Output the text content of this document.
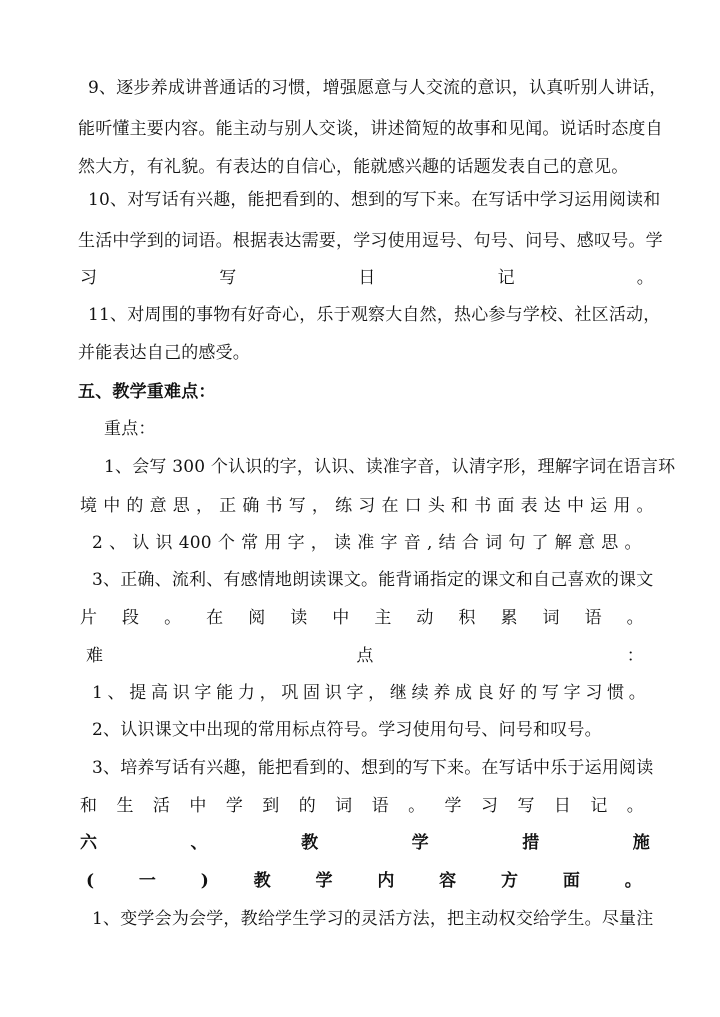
9、逐步养成讲普通话的习惯，增强愿意与人交流的意识，认真听别人讲话，
能听懂主要内容。能主动与别人交谈，讲述简短的故事和见闻。说话时态度自
然大方，有礼貌。有表达的自信心，能就感兴趣的话题发表自己的意见。
10、对写话有兴趣，能把看到的、想到的写下来。在写话中学习运用阅读和
生活中学到的词语。根据表达需要，学习使用逗号、句号、问号、感叹号。学
习	写	日	记	。
11、对周围的事物有好奇心，乐于观察大自然，热心参与学校、社区活动，
并能表达自己的感受。
五、教学重难点：
重点：
1、会写 300 个认识的字，认识、读准字音，认清字形，理解字词在语言环
境 中 的 意 思 ， 正 确 书 写 ， 练 习 在 口 头 和 书 面 表 达 中 运 用 。
2 、 认 识 400 个 常 用 字 ， 读 准 字 音 , 结 合 词 句 了 解 意 思 。
3、正确、流利、有感情地朗读课文。能背诵指定的课文和自己喜欢的课文
片 段 。 在 阅 读 中 主 动 积 累 词 语 。
难	点	：
1 、 提 高 识 字 能 力 ， 巩 固 识 字 ， 继 续 养 成 良 好 的 写 字 习 惯 。
2、认识课文中出现的常用标点符号。学习使用句号、问号和叹号。
3、培养写话有兴趣，能把看到的、想到的写下来。在写话中乐于运用阅读
和 生 活 中 学 到 的 词 语 。 学 习 写 日 记 。
六	、	教	学	措	施
(	一	)	教	学	内	容	方	面	。
1、变学会为会学，教给学生学习的灵活方法，把主动权交给学生。尽量注
